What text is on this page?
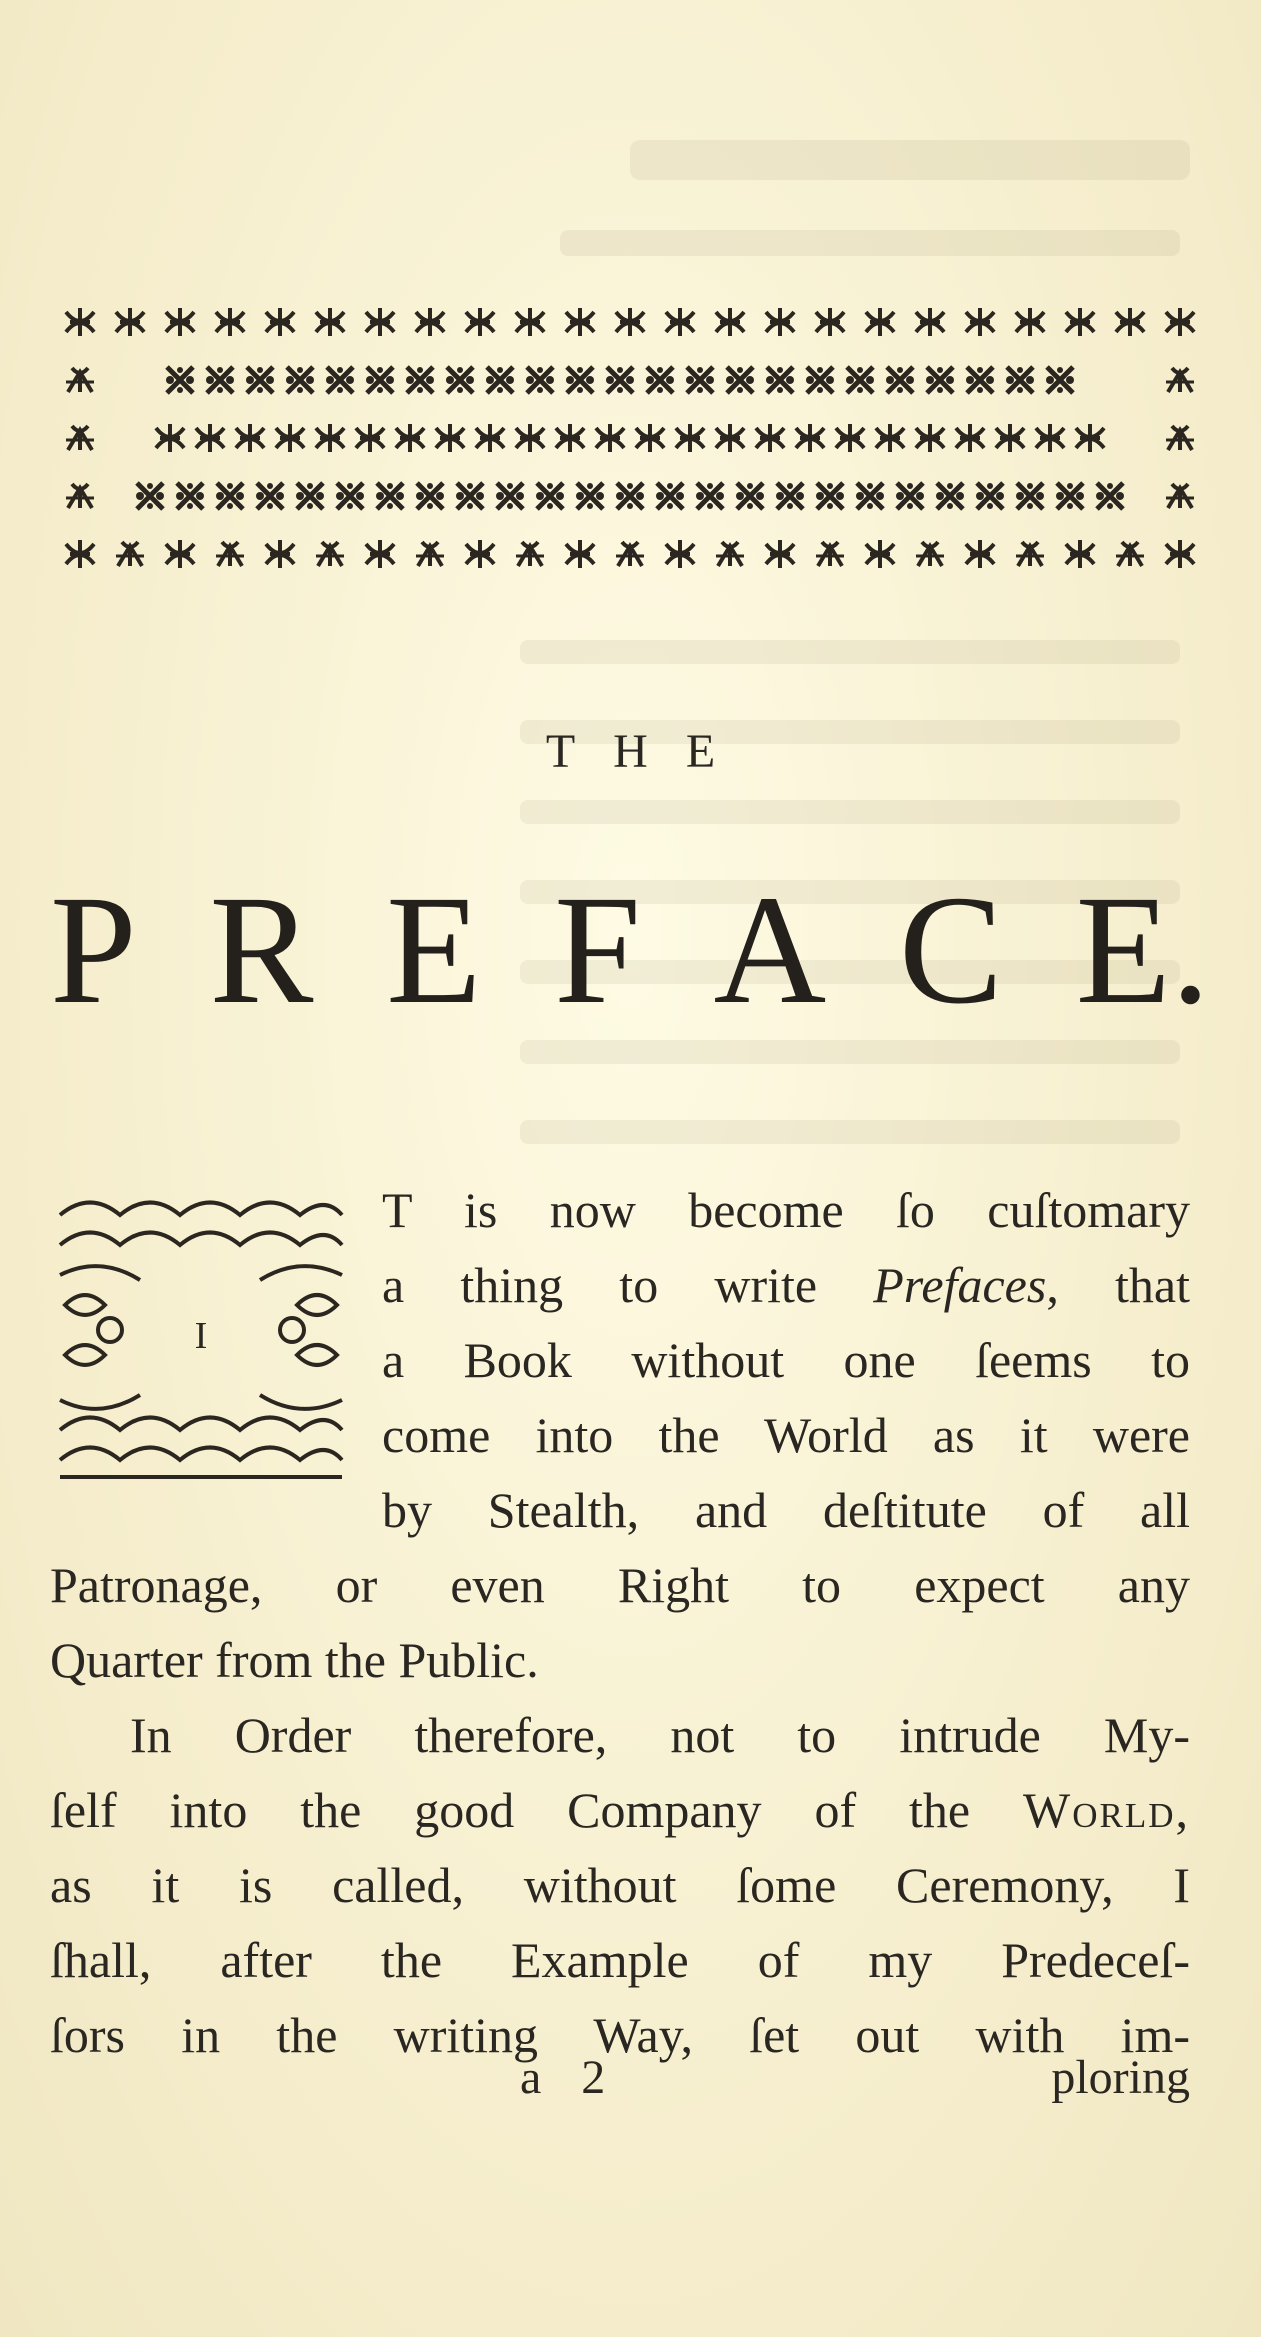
THE
P R E F A C E.
I
T is now become ſo cuſtomary
a thing to write Prefaces, that
a Book without one ſeems to
come into the World as it were
by Stealth, and deſtitute of all
Patronage, or even Right to expect any
Quarter from the Public.
In Order therefore, not to intrude My-
ſelf into the good Company of the World,
as it is called, without ſome Ceremony, I
ſhall, after the Example of my Predeceſ-
ſors in the writing Way, ſet out with im-
a 2	ploring
